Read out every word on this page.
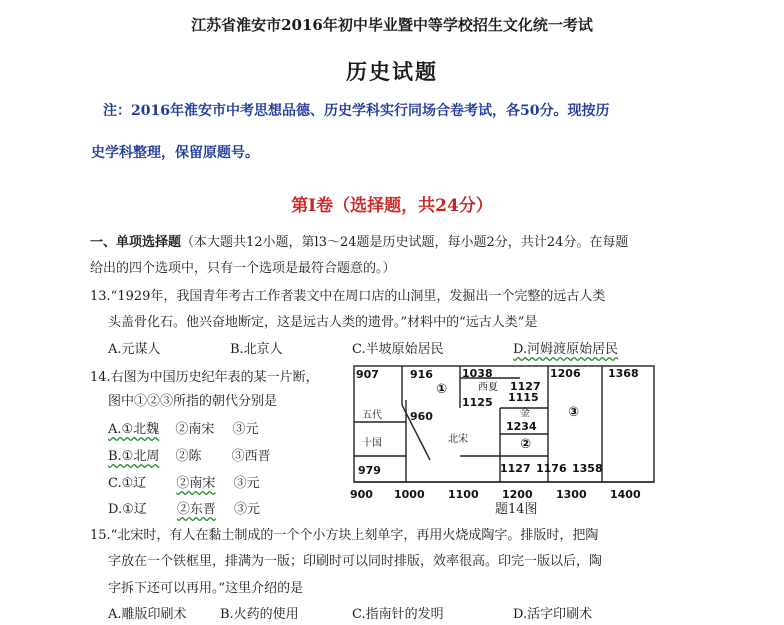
江苏省淮安市2016年初中毕业暨中等学校招生文化统一考试
历史试题
注：2016年淮安市中考思想品德、历史学科实行同场合卷考试，各50分。现按历
史学科整理，保留原题号。
第Ⅰ卷（选择题，共24分）
一、单项选择题（本大题共12小题，第l3～24题是历史试题，每小题2分，共计24分。在每题
给出的四个选项中，只有一个选项是最符合题意的。）
13.“1929年，我国青年考古工作者裴文中在周口店的山洞里，发掘出一个完整的远古人类
头盖骨化石。他兴奋地断定，这是远古人类的遗骨。”材料中的“远古人类”是
A.元谋人	B.北京人	C.半坡原始居民	D.河姆渡原始居民
14.右图为中国历史纪年表的某一片断，
图中①②③所指的朝代分别是
A.①北魏 ②南宋 ③元
B.①北周 ②陈 ③西晋
C.①辽 ②南宋 ③元
D.①辽 ②东晋 ③元
907	916	1038	1206 1368
1127
1125 1115
1234
960
979	1127 1176 1358
五代
十国	北宋
西夏
金
①
②
③
900 1000 1100 1200 1300 1400
题14图
15.“北宋时，有人在黏土制成的一个个小方块上刻单字，再用火烧成陶字。排版时，把陶
字放在一个铁框里，排满为一版；印刷时可以同时排版，效率很高。印完一版以后，陶
字拆下还可以再用。”这里介绍的是
A.雕版印刷术	B.火药的使用	C.指南针的发明	D.活字印刷术
